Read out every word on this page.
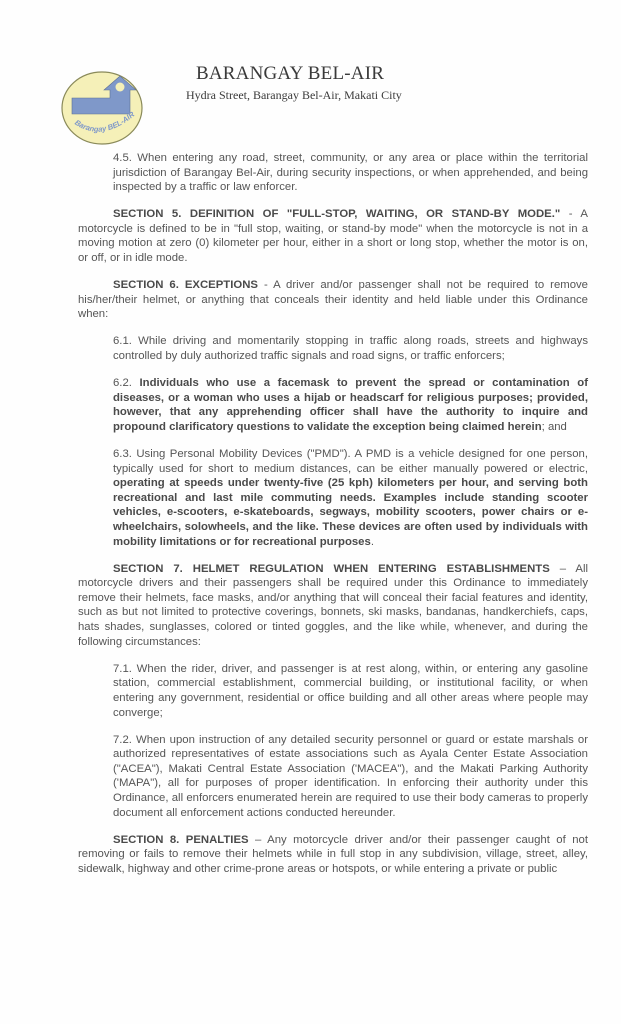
Barangay BEL-AIR
BARANGAY BEL-AIR
Hydra Street, Barangay Bel-Air, Makati City

4.5. When entering any road, street, community, or any area or place within the territorial jurisdiction of Barangay Bel-Air, during security inspections, or when apprehended, and being inspected by a traffic or law enforcer.

SECTION 5. DEFINITION OF "FULL-STOP, WAITING, OR STAND-BY MODE." - A motorcycle is defined to be in "full stop, waiting, or stand-by mode" when the motorcycle is not in a moving motion at zero (0) kilometer per hour, either in a short or long stop, whether the motor is on, or off, or in idle mode.

SECTION 6. EXCEPTIONS - A driver and/or passenger shall not be required to remove his/her/their helmet, or anything that conceals their identity and held liable under this Ordinance when:

6.1. While driving and momentarily stopping in traffic along roads, streets and highways controlled by duly authorized traffic signals and road signs, or traffic enforcers;

6.2. Individuals who use a facemask to prevent the spread or contamination of diseases, or a woman who uses a hijab or headscarf for religious purposes; provided, however, that any apprehending officer shall have the authority to inquire and propound clarificatory questions to validate the exception being claimed herein; and

6.3. Using Personal Mobility Devices ("PMD"). A PMD is a vehicle designed for one person, typically used for short to medium distances, can be either manually powered or electric, operating at speeds under twenty-five (25 kph) kilometers per hour, and serving both recreational and last mile commuting needs. Examples include standing scooter vehicles, e-scooters, e-skateboards, segways, mobility scooters, power chairs or e-wheelchairs, solowheels, and the like. These devices are often used by individuals with mobility limitations or for recreational purposes.

SECTION 7. HELMET REGULATION WHEN ENTERING ESTABLISHMENTS – All motorcycle drivers and their passengers shall be required under this Ordinance to immediately remove their helmets, face masks, and/or anything that will conceal their facial features and identity, such as but not limited to protective coverings, bonnets, ski masks, bandanas, handkerchiefs, caps, hats shades, sunglasses, colored or tinted goggles, and the like while, whenever, and during the following circumstances:

7.1. When the rider, driver, and passenger is at rest along, within, or entering any gasoline station, commercial establishment, commercial building, or institutional facility, or when entering any government, residential or office building and all other areas where people may converge;

7.2. When upon instruction of any detailed security personnel or guard or estate marshals or authorized representatives of estate associations such as Ayala Center Estate Association ("ACEA"), Makati Central Estate Association ('MACEA"), and the Makati Parking Authority ('MAPA"), all for purposes of proper identification. In enforcing their authority under this Ordinance, all enforcers enumerated herein are required to use their body cameras to properly document all enforcement actions conducted hereunder.

SECTION 8. PENALTIES – Any motorcycle driver and/or their passenger caught of not removing or fails to remove their helmets while in full stop in any subdivision, village, street, alley, sidewalk, highway and other crime-prone areas or hotspots, or while entering a private or public
